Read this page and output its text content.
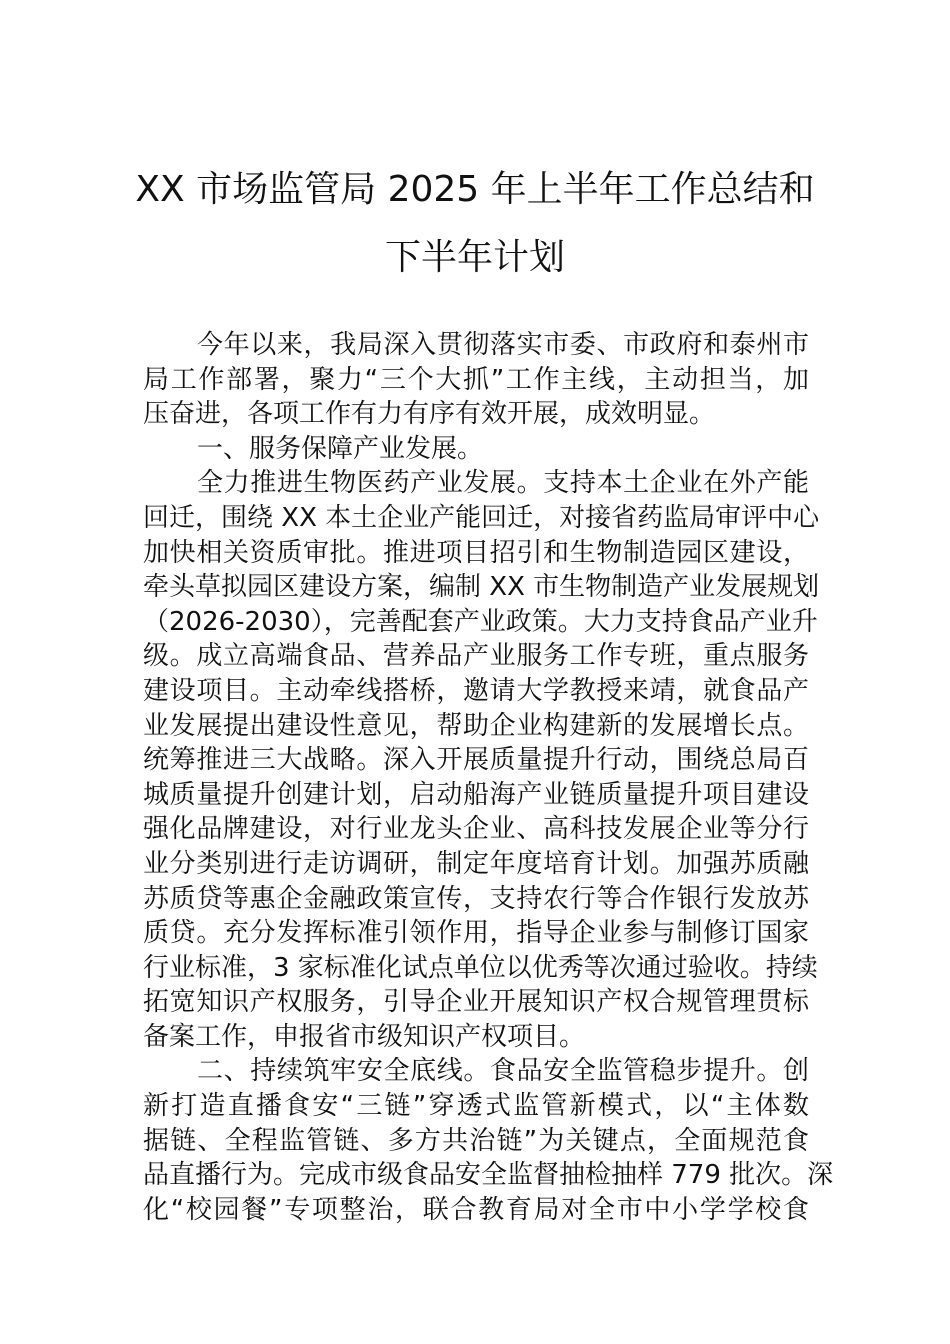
XX 市场监管局 2025 年上半年工作总结和
下半年计划
今年以来，我局深入贯彻落实市委、市政府和泰州市
局工作部署，聚力“三个大抓”工作主线，主动担当，加
压奋进，各项工作有力有序有效开展，成效明显。
一、服务保障产业发展。
全力推进生物医药产业发展。支持本土企业在外产能
回迁，围绕 XX 本土企业产能回迁，对接省药监局审评中心
加快相关资质审批。推进项目招引和生物制造园区建设，
牵头草拟园区建设方案，编制 XX 市生物制造产业发展规划
（2026-2030），完善配套产业政策。大力支持食品产业升
级。成立高端食品、营养品产业服务工作专班，重点服务
建设项目。主动牵线搭桥，邀请大学教授来靖，就食品产
业发展提出建设性意见，帮助企业构建新的发展增长点。
统筹推进三大战略。深入开展质量提升行动，围绕总局百
城质量提升创建计划，启动船海产业链质量提升项目建设
强化品牌建设，对行业龙头企业、高科技发展企业等分行
业分类别进行走访调研，制定年度培育计划。加强苏质融
苏质贷等惠企金融政策宣传，支持农行等合作银行发放苏
质贷。充分发挥标准引领作用，指导企业参与制修订国家
行业标准，3 家标准化试点单位以优秀等次通过验收。持续
拓宽知识产权服务，引导企业开展知识产权合规管理贯标
备案工作，申报省市级知识产权项目。
二、持续筑牢安全底线。食品安全监管稳步提升。创
新打造直播食安“三链”穿透式监管新模式，以“主体数
据链、全程监管链、多方共治链”为关键点，全面规范食
品直播行为。完成市级食品安全监督抽检抽样 779 批次。深
化“校园餐”专项整治，联合教育局对全市中小学学校食
